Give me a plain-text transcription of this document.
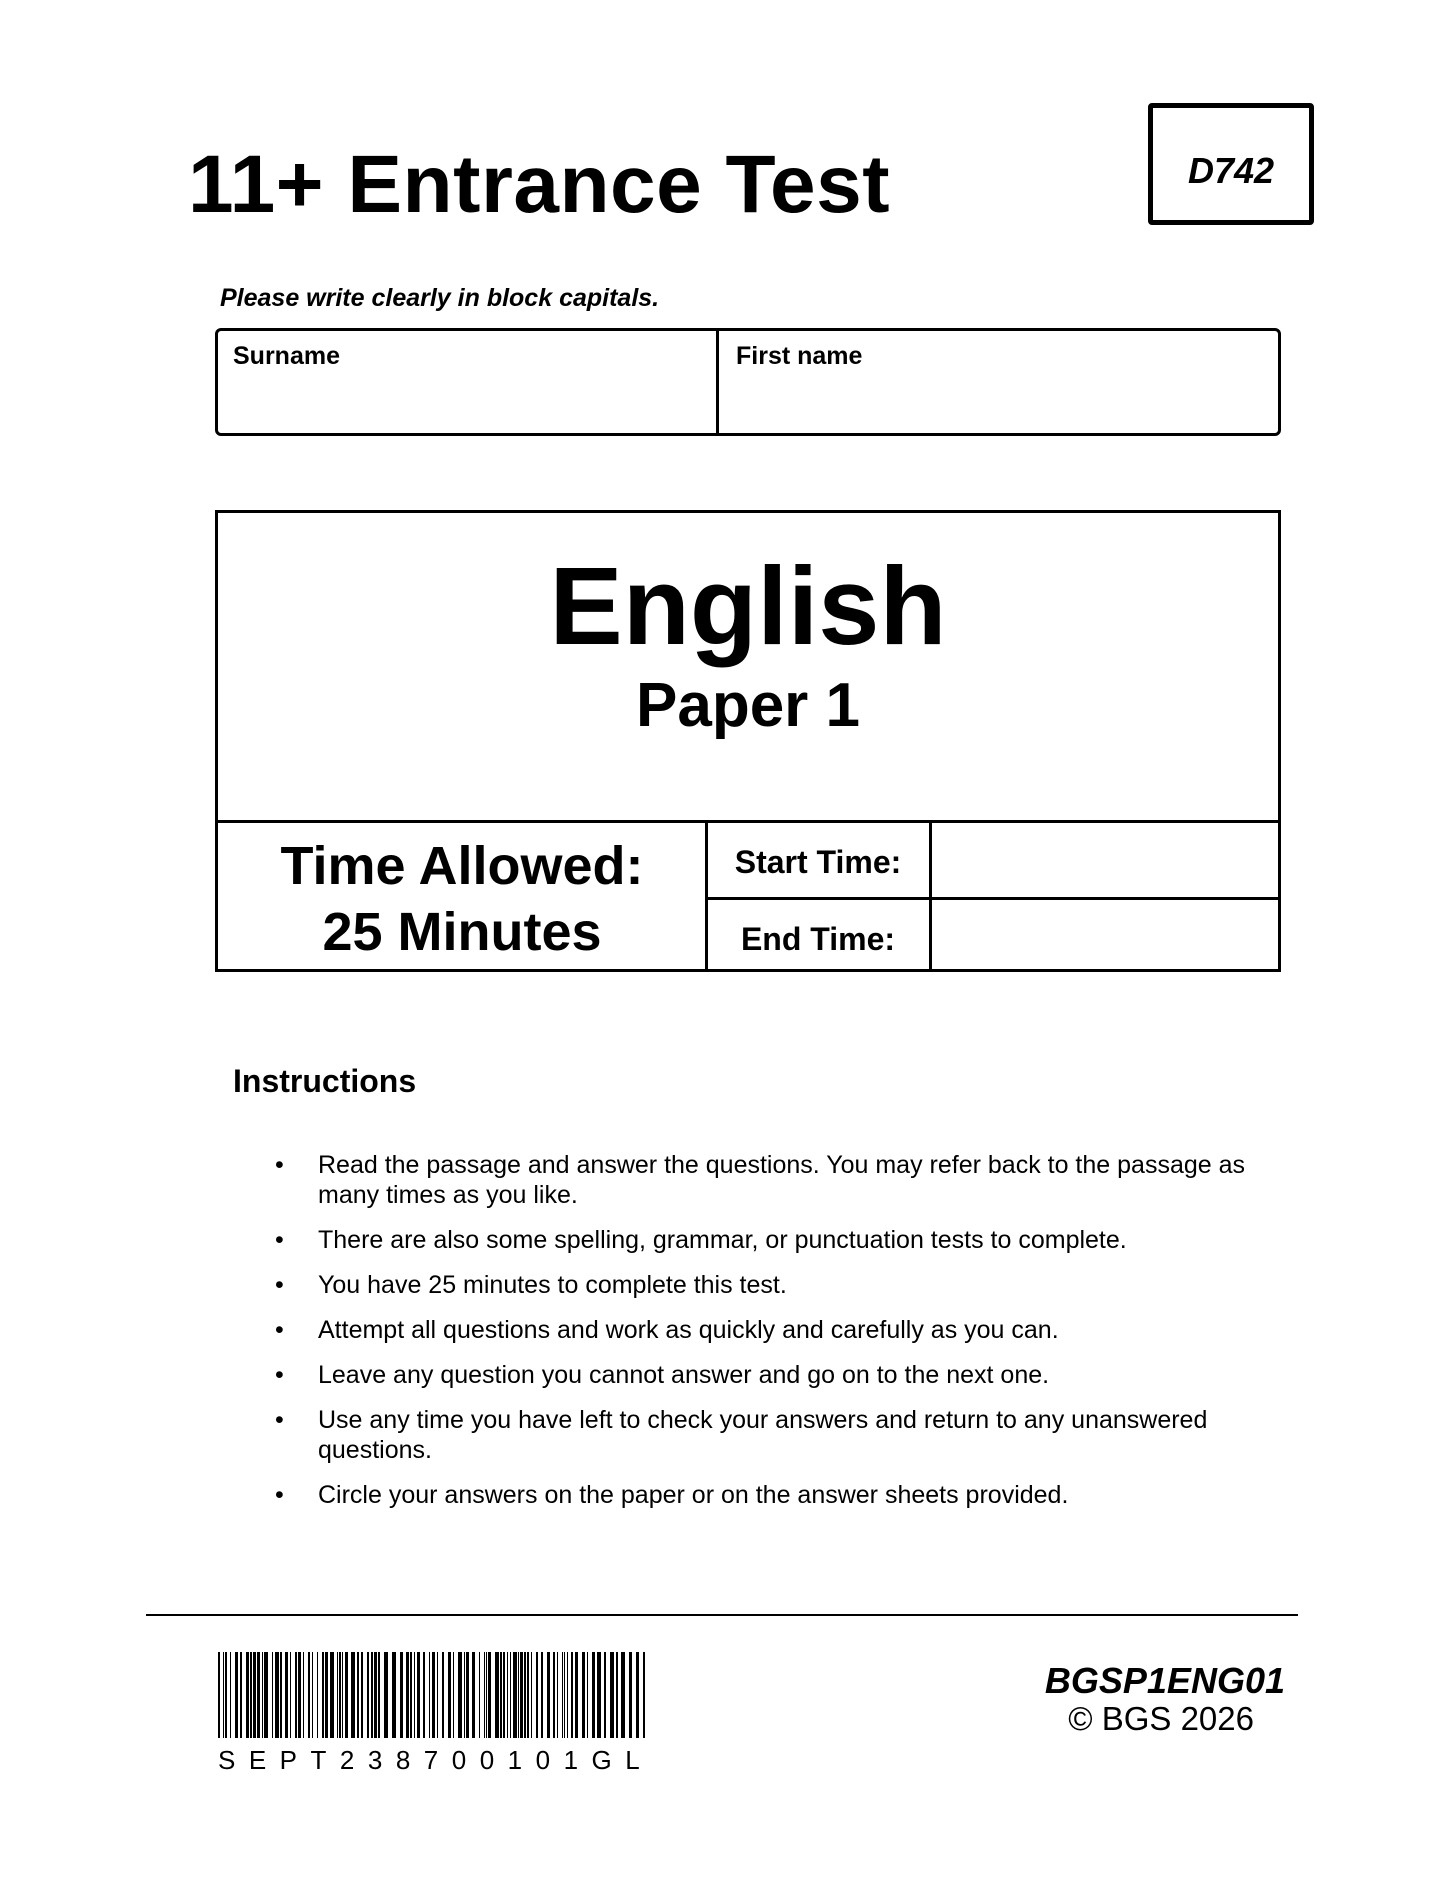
11+ Entrance Test	D742
Please write clearly in block capitals.
Surname	First name
English
Paper 1
Time Allowed:
25 Minutes
Start Time:
End Time:
Instructions
• Read the passage and answer the questions. You may refer back to the passage as many times as you like.
• There are also some spelling, grammar, or punctuation tests to complete.
• You have 25 minutes to complete this test.
• Attempt all questions and work as quickly and carefully as you can.
• Leave any question you cannot answer and go on to the next one.
• Use any time you have left to check your answers and return to any unanswered questions.
• Circle your answers on the paper or on the answer sheets provided.
SEPT238700101GL
BGSP1ENG01
© BGS 2026
